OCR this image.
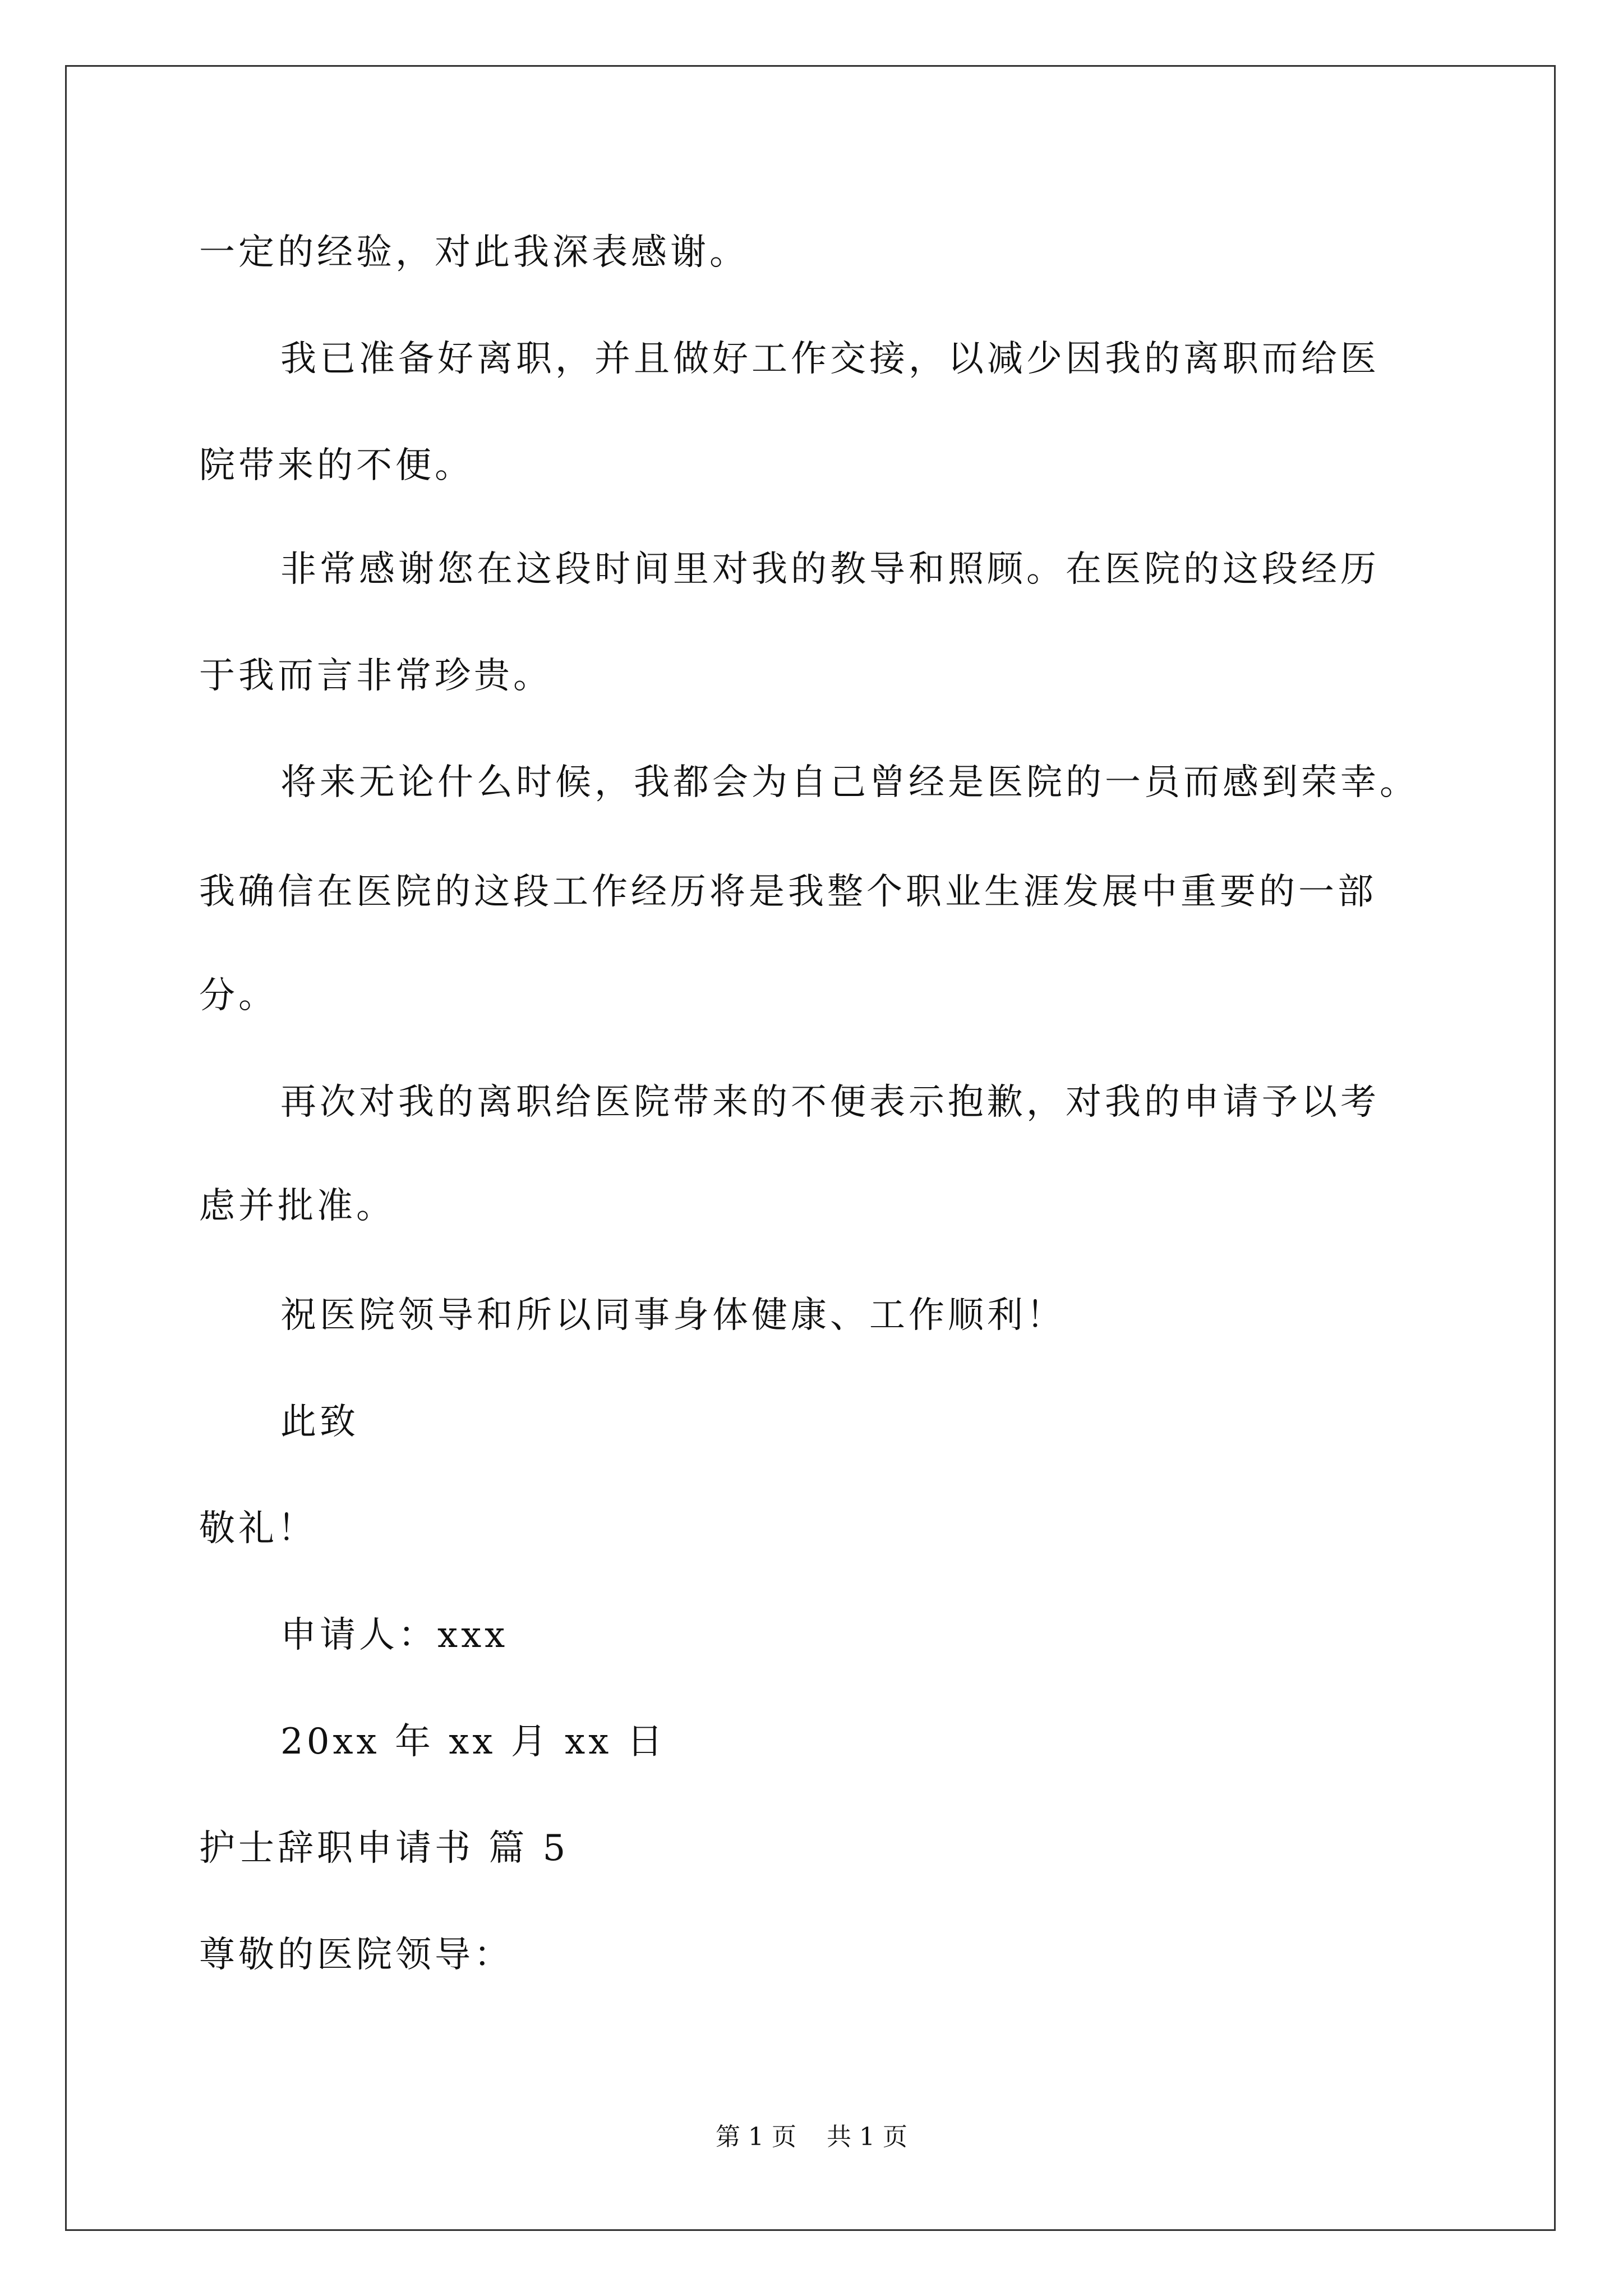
一定的经验，对此我深表感谢。
我已准备好离职，并且做好工作交接，以减少因我的离职而给医
院带来的不便。
非常感谢您在这段时间里对我的教导和照顾。在医院的这段经历
于我而言非常珍贵。
将来无论什么时候，我都会为自己曾经是医院的一员而感到荣幸。
我确信在医院的这段工作经历将是我整个职业生涯发展中重要的一部
分。
再次对我的离职给医院带来的不便表示抱歉，对我的申请予以考
虑并批准。
祝医院领导和所以同事身体健康、工作顺利！
此致
敬礼！
申请人：xxx
20xx 年 xx 月 xx 日
护士辞职申请书 篇 5
尊敬的医院领导：
第 1 页 共 1 页
